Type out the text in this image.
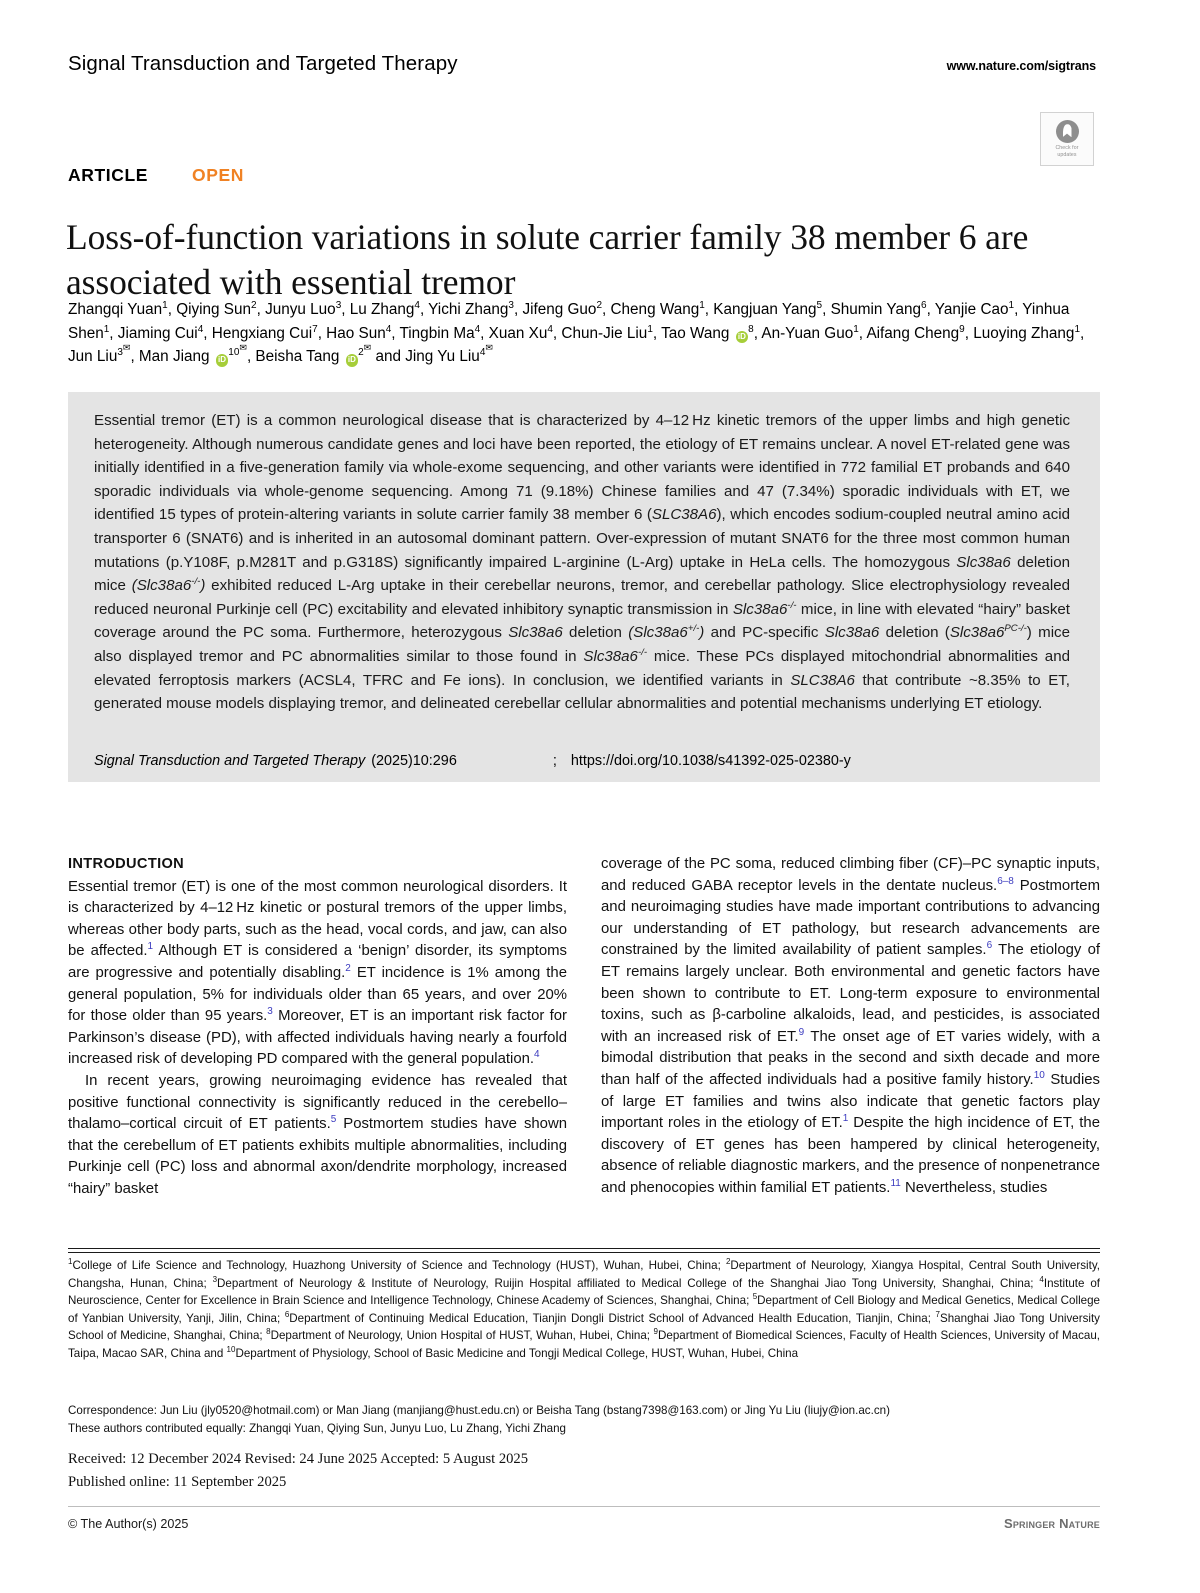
Signal Transduction and Targeted Therapy	www.nature.com/sigtrans
Check for
updates
ARTICLE	OPEN
Loss-of-function variations in solute carrier family 38 member 6 are associated with essential tremor
Zhangqi Yuan$^1$, Qiying Sun$^2$, Junyu Luo$^3$, Lu Zhang$^4$, Yichi Zhang$^3$, Jifeng Guo$^2$, Cheng Wang$^1$, Kangjuan Yang$^5$, Shumin Yang$^6$, Yanjie Cao$^1$, Yinhua Shen$^1$, Jiaming Cui$^4$, Hengxiang Cui$^7$, Hao Sun$^4$, Tingbin Ma$^4$, Xuan Xu$^4$, Chun-Jie Liu$^1$, Tao Wang $iD^8$, An-Yuan Guo$^1$, Aifang Cheng$^9$, Luoying Zhang$^1$, Jun Liu$^{3✉}$, Man Jiang $iD^{10✉}$, Beisha Tang $iD^{2✉}$ and Jing Yu Liu$^{4✉}$
Essential tremor (ET) is a common neurological disease that is characterized by 4–12 Hz kinetic tremors of the upper limbs and high genetic heterogeneity. Although numerous candidate genes and loci have been reported, the etiology of ET remains unclear. A novel ET-related gene was initially identified in a five-generation family via whole-exome sequencing, and other variants were identified in 772 familial ET probands and 640 sporadic individuals via whole-genome sequencing. Among 71 (9.18%) Chinese families and 47 (7.34%) sporadic individuals with ET, we identified 15 types of protein-altering variants in solute carrier family 38 member 6 (SLC38A6), which encodes sodium-coupled neutral amino acid transporter 6 (SNAT6) and is inherited in an autosomal dominant pattern. Over-expression of mutant SNAT6 for the three most common human mutations (p.Y108F, p.M281T and p.G318S) significantly impaired L-arginine (L-Arg) uptake in HeLa cells. The homozygous Slc38a6 deletion mice (Slc38a6-/-) exhibited reduced L-Arg uptake in their cerebellar neurons, tremor, and cerebellar pathology. Slice electrophysiology revealed reduced neuronal Purkinje cell (PC) excitability and elevated inhibitory synaptic transmission in Slc38a6-/- mice, in line with elevated “hairy” basket coverage around the PC soma. Furthermore, heterozygous Slc38a6 deletion (Slc38a6+/-) and PC-specific Slc38a6 deletion $(Slc38a6^{PC-/-})$ mice also displayed tremor and PC abnormalities similar to those found in Slc38a6-/- mice. These PCs displayed mitochondrial abnormalities and elevated ferroptosis markers (ACSL4, TFRC and Fe ions). In conclusion, we identified variants in SLC38A6 that contribute ~8.35% to ET, generated mouse models displaying tremor, and delineated cerebellar cellular abnormalities and potential mechanisms underlying ET etiology.
Signal Transduction and Targeted Therapy (2025)10:296	; https://doi.org/10.1038/s41392-025-02380-y
INTRODUCTION

Essential tremor (ET) is one of the most common neurological disorders. It is characterized by 4–12 Hz kinetic or postural tremors of the upper limbs, whereas other body parts, such as the head, vocal cords, and jaw, can also be affected.$^1$ Although ET is considered a ‘benign’ disorder, its symptoms are progressive and potentially disabling.$^2$ ET incidence is 1% among the general population, 5% for individuals older than 65 years, and over 20% for those older than 95 years.$^3$ Moreover, ET is an important risk factor for Parkinson’s disease (PD), with affected individuals having nearly a fourfold increased risk of developing PD compared with the general population.$^4$

In recent years, growing neuroimaging evidence has revealed that positive functional connectivity is significantly reduced in the cerebello–thalamo–cortical circuit of ET patients.$^5$ Postmortem studies have shown that the cerebellum of ET patients exhibits multiple abnormalities, including Purkinje cell (PC) loss and abnormal axon/dendrite morphology, increased “hairy” basket

coverage of the PC soma, reduced climbing fiber (CF)–PC synaptic inputs, and reduced GABA receptor levels in the dentate nucleus.$^{6-8}$ Postmortem and neuroimaging studies have made important contributions to advancing our understanding of ET pathology, but research advancements are constrained by the limited availability of patient samples.$^6$ The etiology of ET remains largely unclear. Both environmental and genetic factors have been shown to contribute to ET. Long-term exposure to environmental toxins, such as β-carboline alkaloids, lead, and pesticides, is associated with an increased risk of ET.$^9$ The onset age of ET varies widely, with a bimodal distribution that peaks in the second and sixth decade and more than half of the affected individuals had a positive family history.$^{10}$ Studies of large ET families and twins also indicate that genetic factors play important roles in the etiology of ET.$^1$ Despite the high incidence of ET, the discovery of ET genes has been hampered by clinical heterogeneity, absence of reliable diagnostic markers, and the presence of nonpenetrance and phenocopies within familial ET patients.$^{11}$ Nevertheless, studies

$^1$College of Life Science and Technology, Huazhong University of Science and Technology (HUST), Wuhan, Hubei, China; $^2$Department of Neurology, Xiangya Hospital, Central South University, Changsha, Hunan, China; $^3$Department of Neurology & Institute of Neurology, Ruijin Hospital affiliated to Medical College of the Shanghai Jiao Tong University, Shanghai, China; $^4$Institute of Neuroscience, Center for Excellence in Brain Science and Intelligence Technology, Chinese Academy of Sciences, Shanghai, China; $^5$Department of Cell Biology and Medical Genetics, Medical College of Yanbian University, Yanji, Jilin, China; $^6$Department of Continuing Medical Education, Tianjin Dongli District School of Advanced Health Education, Tianjin, China; $^7$Shanghai Jiao Tong University School of Medicine, Shanghai, China; $^8$Department of Neurology, Union Hospital of HUST, Wuhan, Hubei, China; $^9$Department of Biomedical Sciences, Faculty of Health Sciences, University of Macau, Taipa, Macao SAR, China and $^{10}$Department of Physiology, School of Basic Medicine and Tongji Medical College, HUST, Wuhan, Hubei, China
Correspondence: Jun Liu (jly0520@hotmail.com) or Man Jiang (manjiang@hust.edu.cn) or Beisha Tang (bstang7398@163.com) or Jing Yu Liu (liujy@ion.ac.cn)
These authors contributed equally: Zhangqi Yuan, Qiying Sun, Junyu Luo, Lu Zhang, Yichi Zhang
Received: 12 December 2024 Revised: 24 June 2025 Accepted: 5 August 2025
Published online: 11 September 2025
© The Author(s) 2025	Springer Nature
